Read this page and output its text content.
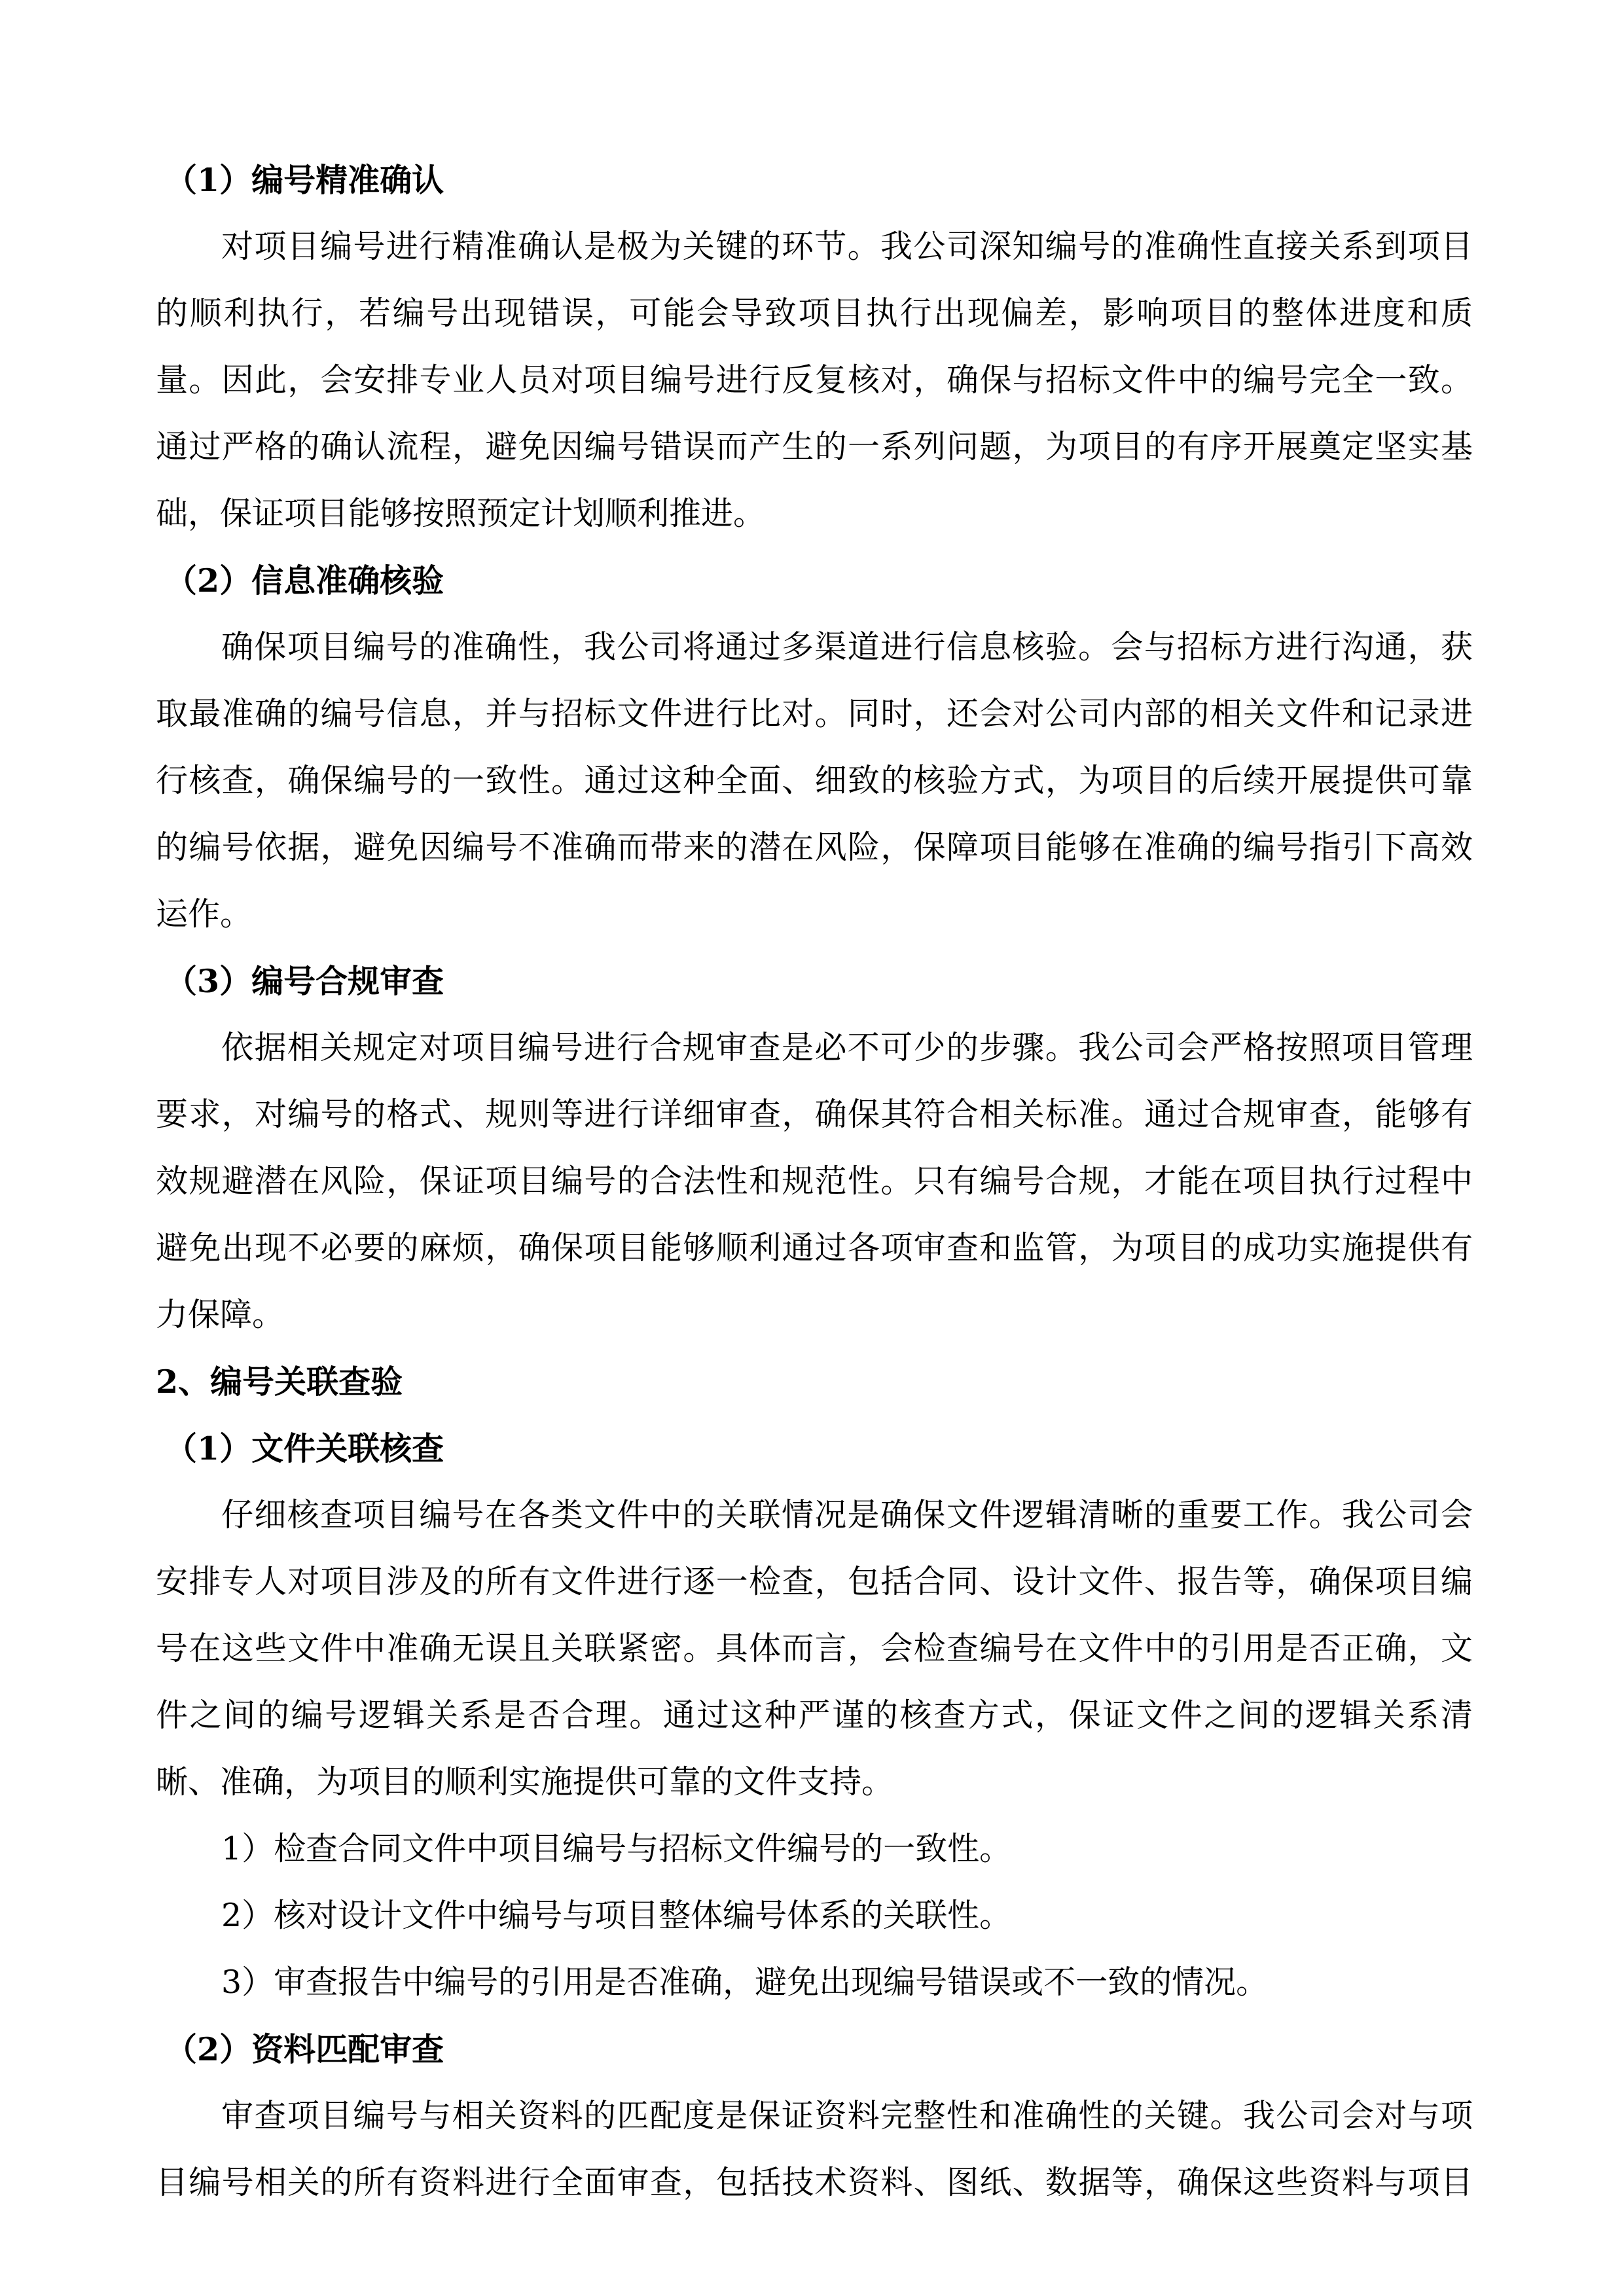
（1）编号精准确认
对项目编号进行精准确认是极为关键的环节。我公司深知编号的准确性直接关系到项目
的顺利执行，若编号出现错误，可能会导致项目执行出现偏差，影响项目的整体进度和质
量。因此，会安排专业人员对项目编号进行反复核对，确保与招标文件中的编号完全一致。
通过严格的确认流程，避免因编号错误而产生的一系列问题，为项目的有序开展奠定坚实基
础，保证项目能够按照预定计划顺利推进。
（2）信息准确核验
确保项目编号的准确性，我公司将通过多渠道进行信息核验。会与招标方进行沟通，获
取最准确的编号信息，并与招标文件进行比对。同时，还会对公司内部的相关文件和记录进
行核查，确保编号的一致性。通过这种全面、细致的核验方式，为项目的后续开展提供可靠
的编号依据，避免因编号不准确而带来的潜在风险，保障项目能够在准确的编号指引下高效
运作。
（3）编号合规审查
依据相关规定对项目编号进行合规审查是必不可少的步骤。我公司会严格按照项目管理
要求，对编号的格式、规则等进行详细审查，确保其符合相关标准。通过合规审查，能够有
效规避潜在风险，保证项目编号的合法性和规范性。只有编号合规，才能在项目执行过程中
避免出现不必要的麻烦，确保项目能够顺利通过各项审查和监管，为项目的成功实施提供有
力保障。
2、编号关联查验
（1）文件关联核查
仔细核查项目编号在各类文件中的关联情况是确保文件逻辑清晰的重要工作。我公司会
安排专人对项目涉及的所有文件进行逐一检查，包括合同、设计文件、报告等，确保项目编
号在这些文件中准确无误且关联紧密。具体而言，会检查编号在文件中的引用是否正确，文
件之间的编号逻辑关系是否合理。通过这种严谨的核查方式，保证文件之间的逻辑关系清
晰、准确，为项目的顺利实施提供可靠的文件支持。
1）检查合同文件中项目编号与招标文件编号的一致性。
2）核对设计文件中编号与项目整体编号体系的关联性。
3）审查报告中编号的引用是否准确，避免出现编号错误或不一致的情况。
（2）资料匹配审查
审查项目编号与相关资料的匹配度是保证资料完整性和准确性的关键。我公司会对与项
目编号相关的所有资料进行全面审查，包括技术资料、图纸、数据等，确保这些资料与项目
